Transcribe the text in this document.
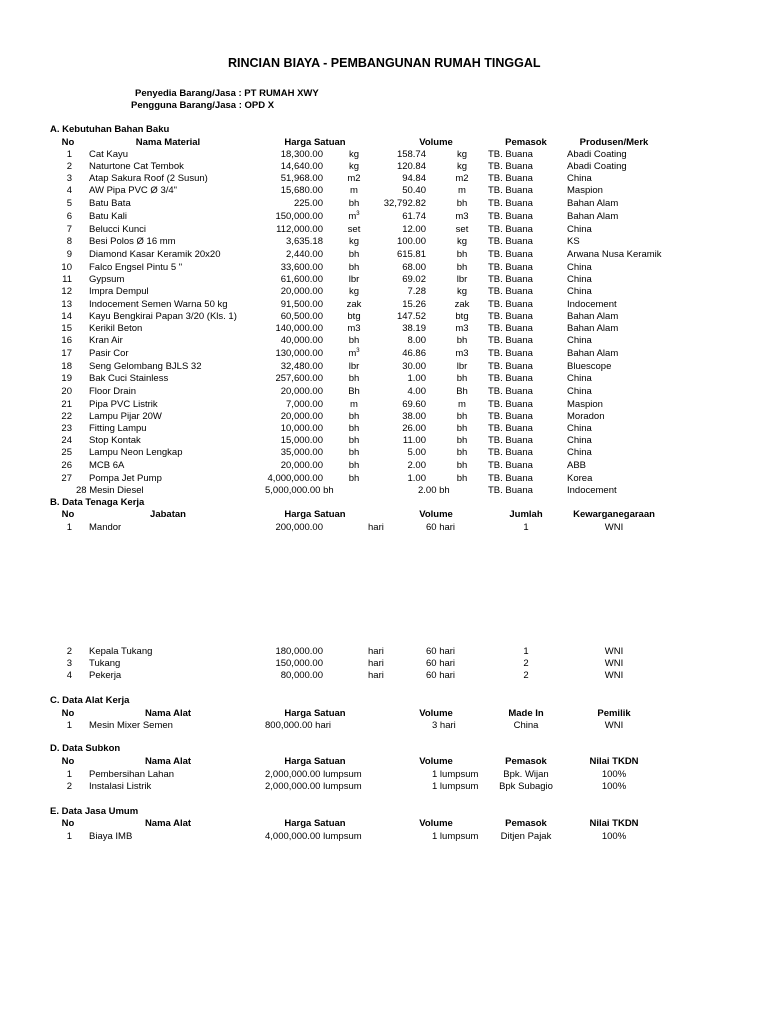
RINCIAN BIAYA - PEMBANGUNAN RUMAH TINGGAL
Penyedia Barang/Jasa : PT RUMAH XWY
Pengguna Barang/Jasa : OPD X
A. Kebutuhan Bahan Baku
No	Nama Material	Harga Satuan	Volume	Pemasok	Produsen/Merk
1 Cat Kayu	18,300.00	kg	158.74	kg	TB. Buana	Abadi Coating
2 Naturtone Cat Tembok	14,640.00	kg	120.84	kg	TB. Buana	Abadi Coating
3 Atap Sakura Roof (2 Susun)	51,968.00	m2	94.84	m2	TB. Buana	China
4 AW Pipa PVC Ø 3/4"	15,680.00	m	50.40	m	TB. Buana	Maspion
5 Batu Bata	225.00	bh	32,792.82	bh	TB. Buana	Bahan Alam
6 Batu Kali	150,000.00	$m^3$	61.74	m3	TB. Buana	Bahan Alam
7 Belucci Kunci	112,000.00	set	12.00	set	TB. Buana	China
8 Besi Polos Ø 16 mm	3,635.18	kg	100.00	kg	TB. Buana	KS
9 Diamond Kasar Keramik 20x20	2,440.00	bh	615.81	bh	TB. Buana	Arwana Nusa Keramik
10 Falco Engsel Pintu 5 "	33,600.00	bh	68.00	bh	TB. Buana	China
11 Gypsum	61,600.00	lbr	69.02	lbr	TB. Buana	China
12 Impra Dempul	20,000.00	kg	7.28	kg	TB. Buana	China
13 Indocement Semen Warna 50 kg	91,500.00	zak	15.26	zak	TB. Buana	Indocement
14 Kayu Bengkirai Papan 3/20 (Kls. 1)	60,500.00	btg	147.52	btg	TB. Buana	Bahan Alam
15 Kerikil Beton	140,000.00	m3	38.19	m3	TB. Buana	Bahan Alam
16 Kran Air	40,000.00	bh	8.00	bh	TB. Buana	China
17 Pasir Cor	130,000.00	$m^3$	46.86	m3	TB. Buana	Bahan Alam
18 Seng Gelombang BJLS 32	32,480.00	lbr	30.00	lbr	TB. Buana	Bluescope
19 Bak Cuci Stainless	257,600.00	bh	1.00	bh	TB. Buana	China
20 Floor Drain	20,000.00	Bh	4.00	Bh	TB. Buana	China
21 Pipa PVC Listrik	7,000.00	m	69.60	m	TB. Buana	Maspion
22 Lampu Pijar 20W	20,000.00	bh	38.00	bh	TB. Buana	Moradon
23 Fitting Lampu	10,000.00	bh	26.00	bh	TB. Buana	China
24 Stop Kontak	15,000.00	bh	11.00	bh	TB. Buana	China
25 Lampu Neon Lengkap	35,000.00	bh	5.00	bh	TB. Buana	China
26 MCB 6A	20,000.00	bh	2.00	bh	TB. Buana	ABB
27 Pompa Jet Pump	4,000,000.00	bh	1.00	bh	TB. Buana	Korea
28 Mesin Diesel	5,000,000.00 bh	2.00 bh	TB. Buana	Indocement
B. Data Tenaga Kerja
No	Jabatan	Harga Satuan	Volume	Jumlah	Kewarganegaraan
1 Mandor	200,000.00	hari	60 hari	1	WNI
2 Kepala Tukang	180,000.00	hari	60 hari	1	WNI
3 Tukang	150,000.00	hari	60 hari	2	WNI
4 Pekerja	80,000.00	hari	60 hari	2	WNI
C. Data Alat Kerja
No	Nama Alat	Harga Satuan	Volume	Made In	Pemilik
1 Mesin Mixer Semen	800,000.00 hari	3 hari	China	WNI
D. Data Subkon
No	Nama Alat	Harga Satuan	Volume	Pemasok	Nilai TKDN
1 Pembersihan Lahan	2,000,000.00 lumpsum	1 lumpsum	Bpk. Wijan	100%
2 Instalasi Listrik	2,000,000.00 lumpsum	1 lumpsum	Bpk Subagio	100%
E. Data Jasa Umum
No	Nama Alat	Harga Satuan	Volume	Pemasok	Nilai TKDN
1 Biaya IMB	4,000,000.00 lumpsum	1 lumpsum	Ditjen Pajak	100%
